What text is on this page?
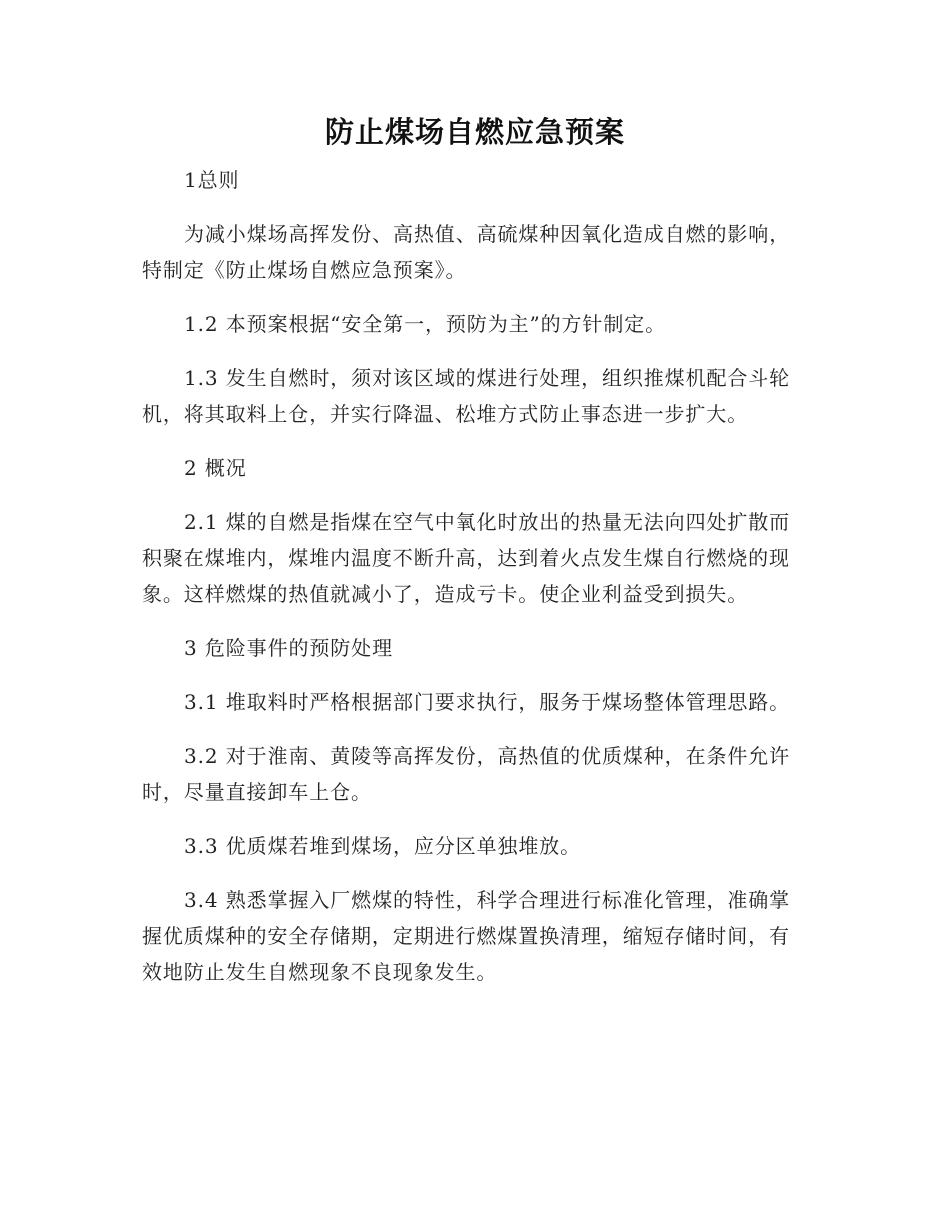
防止煤场自燃应急预案

1总则

为减小煤场高挥发份、高热值、高硫煤种因氧化造成自燃的影响，特制定《防止煤场自燃应急预案》。

1.2 本预案根据“安全第一，预防为主”的方针制定。

1.3 发生自燃时，须对该区域的煤进行处理，组织推煤机配合斗轮机，将其取料上仓，并实行降温、松堆方式防止事态进一步扩大。

2 概况

2.1 煤的自燃是指煤在空气中氧化时放出的热量无法向四处扩散而积聚在煤堆内，煤堆内温度不断升高，达到着火点发生煤自行燃烧的现象。这样燃煤的热值就减小了，造成亏卡。使企业利益受到损失。

3 危险事件的预防处理

3.1 堆取料时严格根据部门要求执行，服务于煤场整体管理思路。

3.2 对于淮南、黄陵等高挥发份，高热值的优质煤种，在条件允许时，尽量直接卸车上仓。

3.3 优质煤若堆到煤场，应分区单独堆放。

3.4 熟悉掌握入厂燃煤的特性，科学合理进行标准化管理，准确掌握优质煤种的安全存储期，定期进行燃煤置换清理，缩短存储时间，有效地防止发生自燃现象不良现象发生。
